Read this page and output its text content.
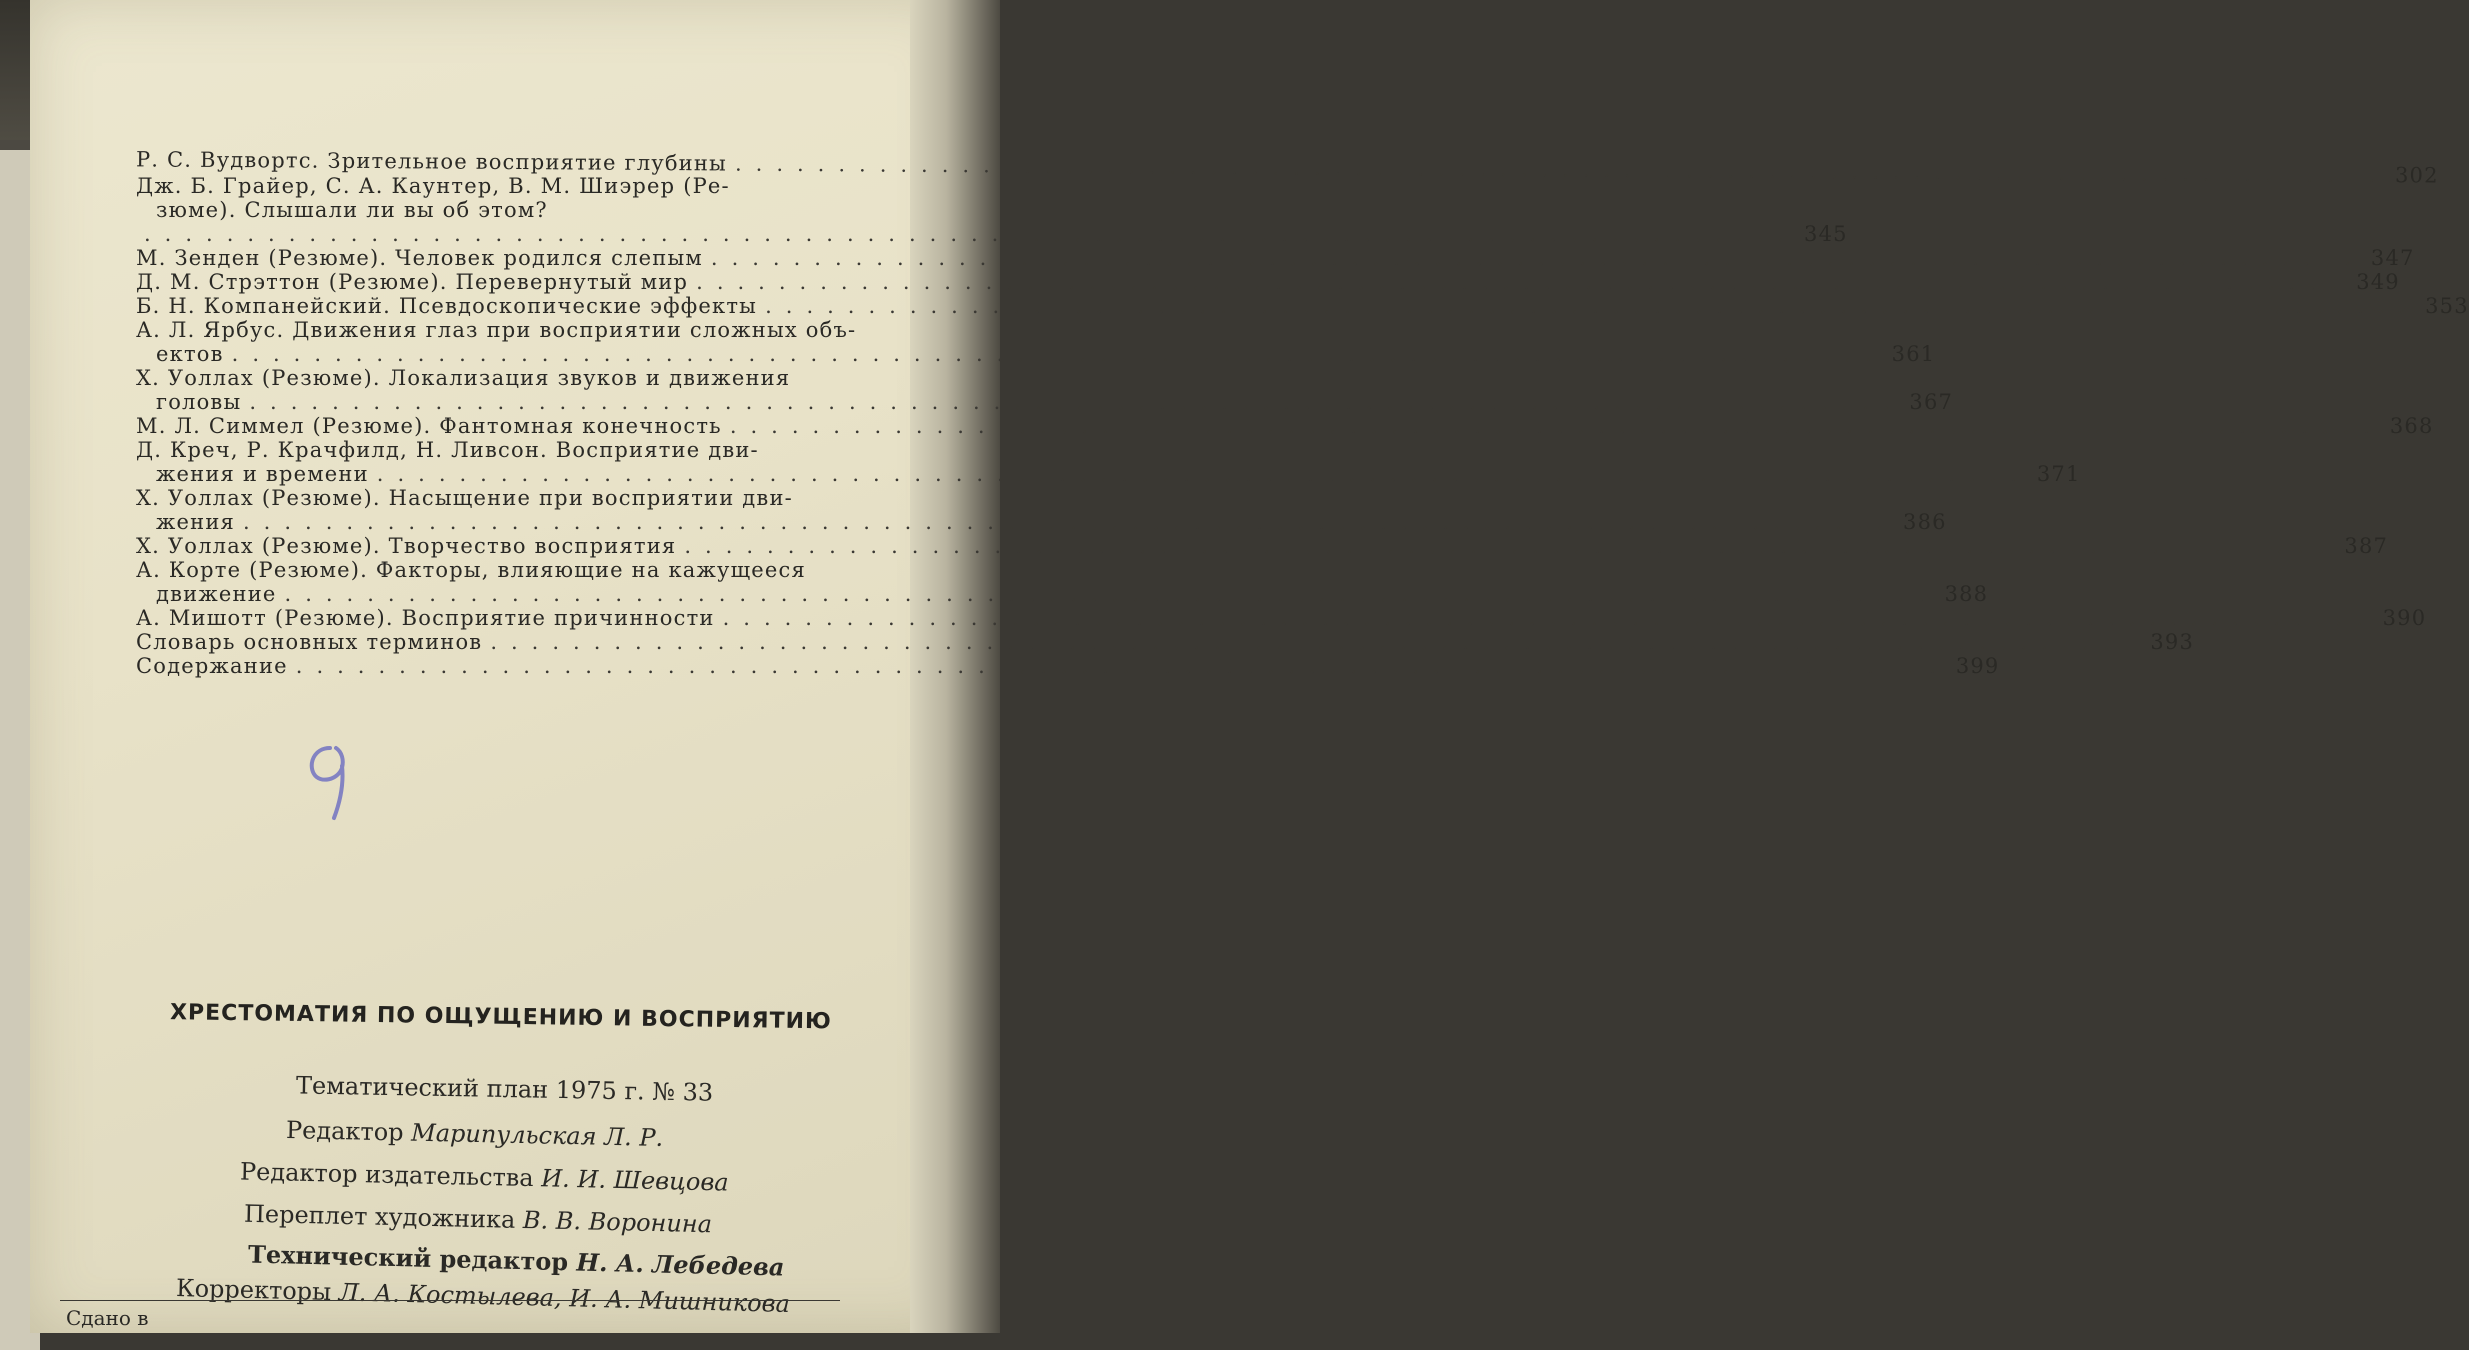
Р. С. Вудвортс. Зрительное восприятие глубины ................................................................................ 302
Дж. Б. Грайер, С. А. Каунтер, В. М. Шиэрер (Ре-
зюме). Слышали ли вы об этом?
................................................................................ 345
М. Зенден (Резюме). Человек родился слепым ................................................................................ 347
Д. М. Стрэттон (Резюме). Перевернутый мир ................................................................................ 349
Б. Н. Компанейский. Псевдоскопические эффекты ................................................................................ 353
А. Л. Ярбус. Движения глаз при восприятии сложных объ-
ектов ................................................................................ 361
Х. Уоллах (Резюме). Локализация звуков и движения
головы ................................................................................ 367
М. Л. Симмел (Резюме). Фантомная конечность ................................................................................ 368
Д. Креч, Р. Крачфилд, Н. Ливсон. Восприятие дви-
жения и времени ................................................................................ 371
Х. Уоллах (Резюме). Насыщение при восприятии дви-
жения ................................................................................ 386
Х. Уоллах (Резюме). Творчество восприятия ................................................................................ 387
А. Корте (Резюме). Факторы, влияющие на кажущееся
движение ................................................................................ 388
А. Мишотт (Резюме). Восприятие причинности ................................................................................ 390
Словарь основных терминов ................................................................................ 393
Содержание ................................................................................ 399

ХРЕСТОМАТИЯ ПО ОЩУЩЕНИЮ И ВОСПРИЯТИЮ
Тематический план 1975 г. № 33
Редактор Марипульская Л. Р.
Редактор издательства И. И. Шевцова
Переплет художника В. В. Воронина
Технический редактор Н. А. Лебедева
Корректоры Л. А. Костылева, И. А. Мишникова
Сдано в
